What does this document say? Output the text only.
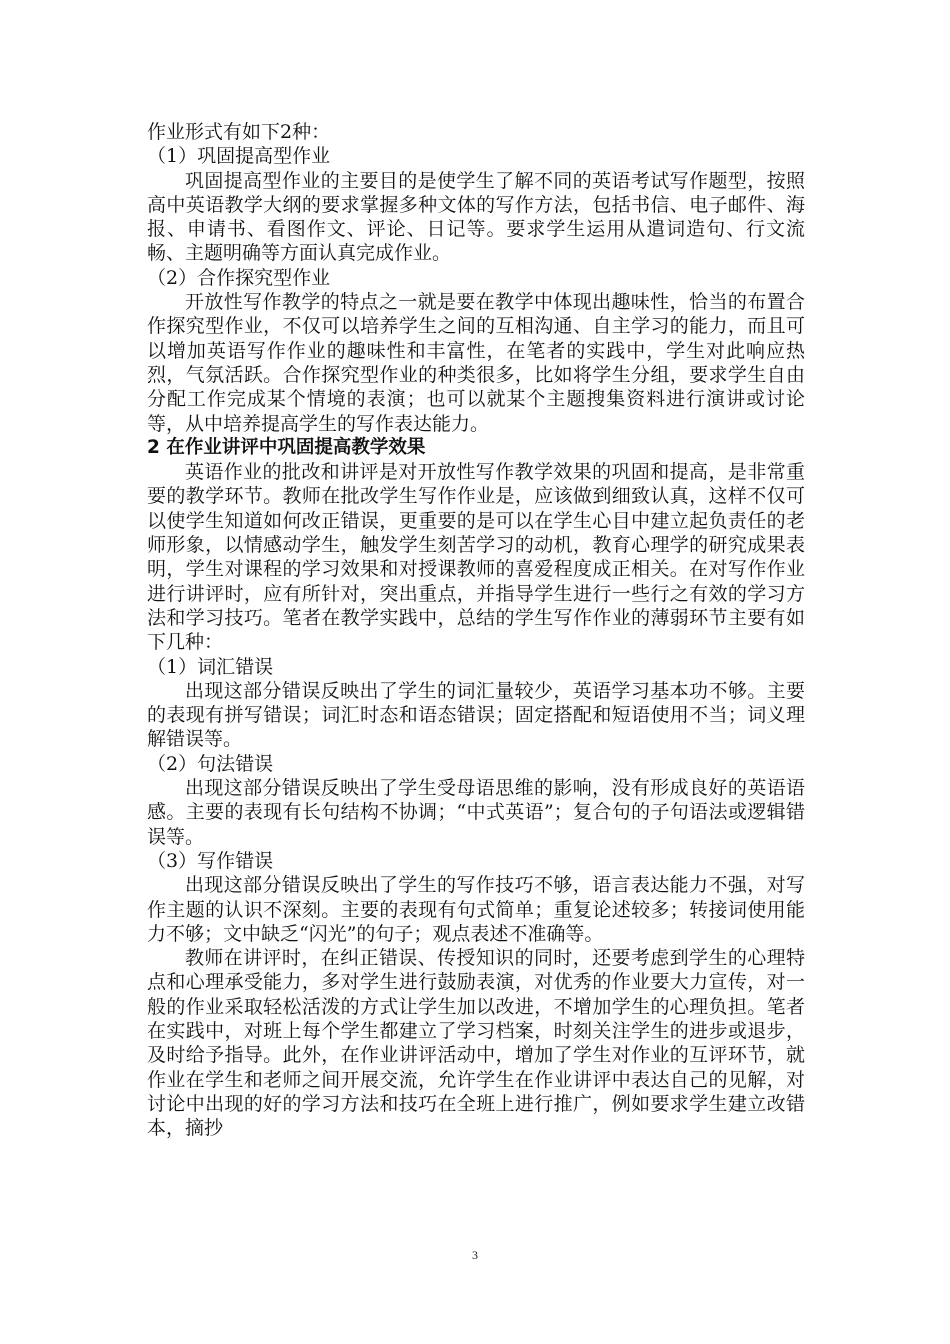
作业形式有如下2种：

（1）巩固提高型作业

巩固提高型作业的主要目的是使学生了解不同的英语考试写作题型，按照高中英语教学大纲的要求掌握多种文体的写作方法，包括书信、电子邮件、海报、申请书、看图作文、评论、日记等。要求学生运用从遣词造句、行文流畅、主题明确等方面认真完成作业。

（2）合作探究型作业

开放性写作教学的特点之一就是要在教学中体现出趣味性，恰当的布置合作探究型作业，不仅可以培养学生之间的互相沟通、自主学习的能力，而且可以增加英语写作作业的趣味性和丰富性，在笔者的实践中，学生对此响应热烈，气氛活跃。合作探究型作业的种类很多，比如将学生分组，要求学生自由分配工作完成某个情境的表演；也可以就某个主题搜集资料进行演讲或讨论等，从中培养提高学生的写作表达能力。

2 在作业讲评中巩固提高教学效果

英语作业的批改和讲评是对开放性写作教学效果的巩固和提高，是非常重要的教学环节。教师在批改学生写作作业是，应该做到细致认真，这样不仅可以使学生知道如何改正错误，更重要的是可以在学生心目中建立起负责任的老师形象，以情感动学生，触发学生刻苦学习的动机，教育心理学的研究成果表明，学生对课程的学习效果和对授课教师的喜爱程度成正相关。在对写作作业进行讲评时，应有所针对，突出重点，并指导学生进行一些行之有效的学习方法和学习技巧。笔者在教学实践中，总结的学生写作作业的薄弱环节主要有如下几种：

（1）词汇错误

出现这部分错误反映出了学生的词汇量较少，英语学习基本功不够。主要的表现有拼写错误；词汇时态和语态错误；固定搭配和短语使用不当；词义理解错误等。

（2）句法错误

出现这部分错误反映出了学生受母语思维的影响，没有形成良好的英语语感。主要的表现有长句结构不协调；“中式英语”；复合句的子句语法或逻辑错误等。

（3）写作错误

出现这部分错误反映出了学生的写作技巧不够，语言表达能力不强，对写作主题的认识不深刻。主要的表现有句式简单；重复论述较多；转接词使用能力不够；文中缺乏“闪光”的句子；观点表述不准确等。

教师在讲评时，在纠正错误、传授知识的同时，还要考虑到学生的心理特点和心理承受能力，多对学生进行鼓励表演，对优秀的作业要大力宣传，对一般的作业采取轻松活泼的方式让学生加以改进，不增加学生的心理负担。笔者在实践中，对班上每个学生都建立了学习档案，时刻关注学生的进步或退步，及时给予指导。此外，在作业讲评活动中，增加了学生对作业的互评环节，就作业在学生和老师之间开展交流，允许学生在作业讲评中表达自己的见解，对讨论中出现的好的学习方法和技巧在全班上进行推广，例如要求学生建立改错本，摘抄

3
